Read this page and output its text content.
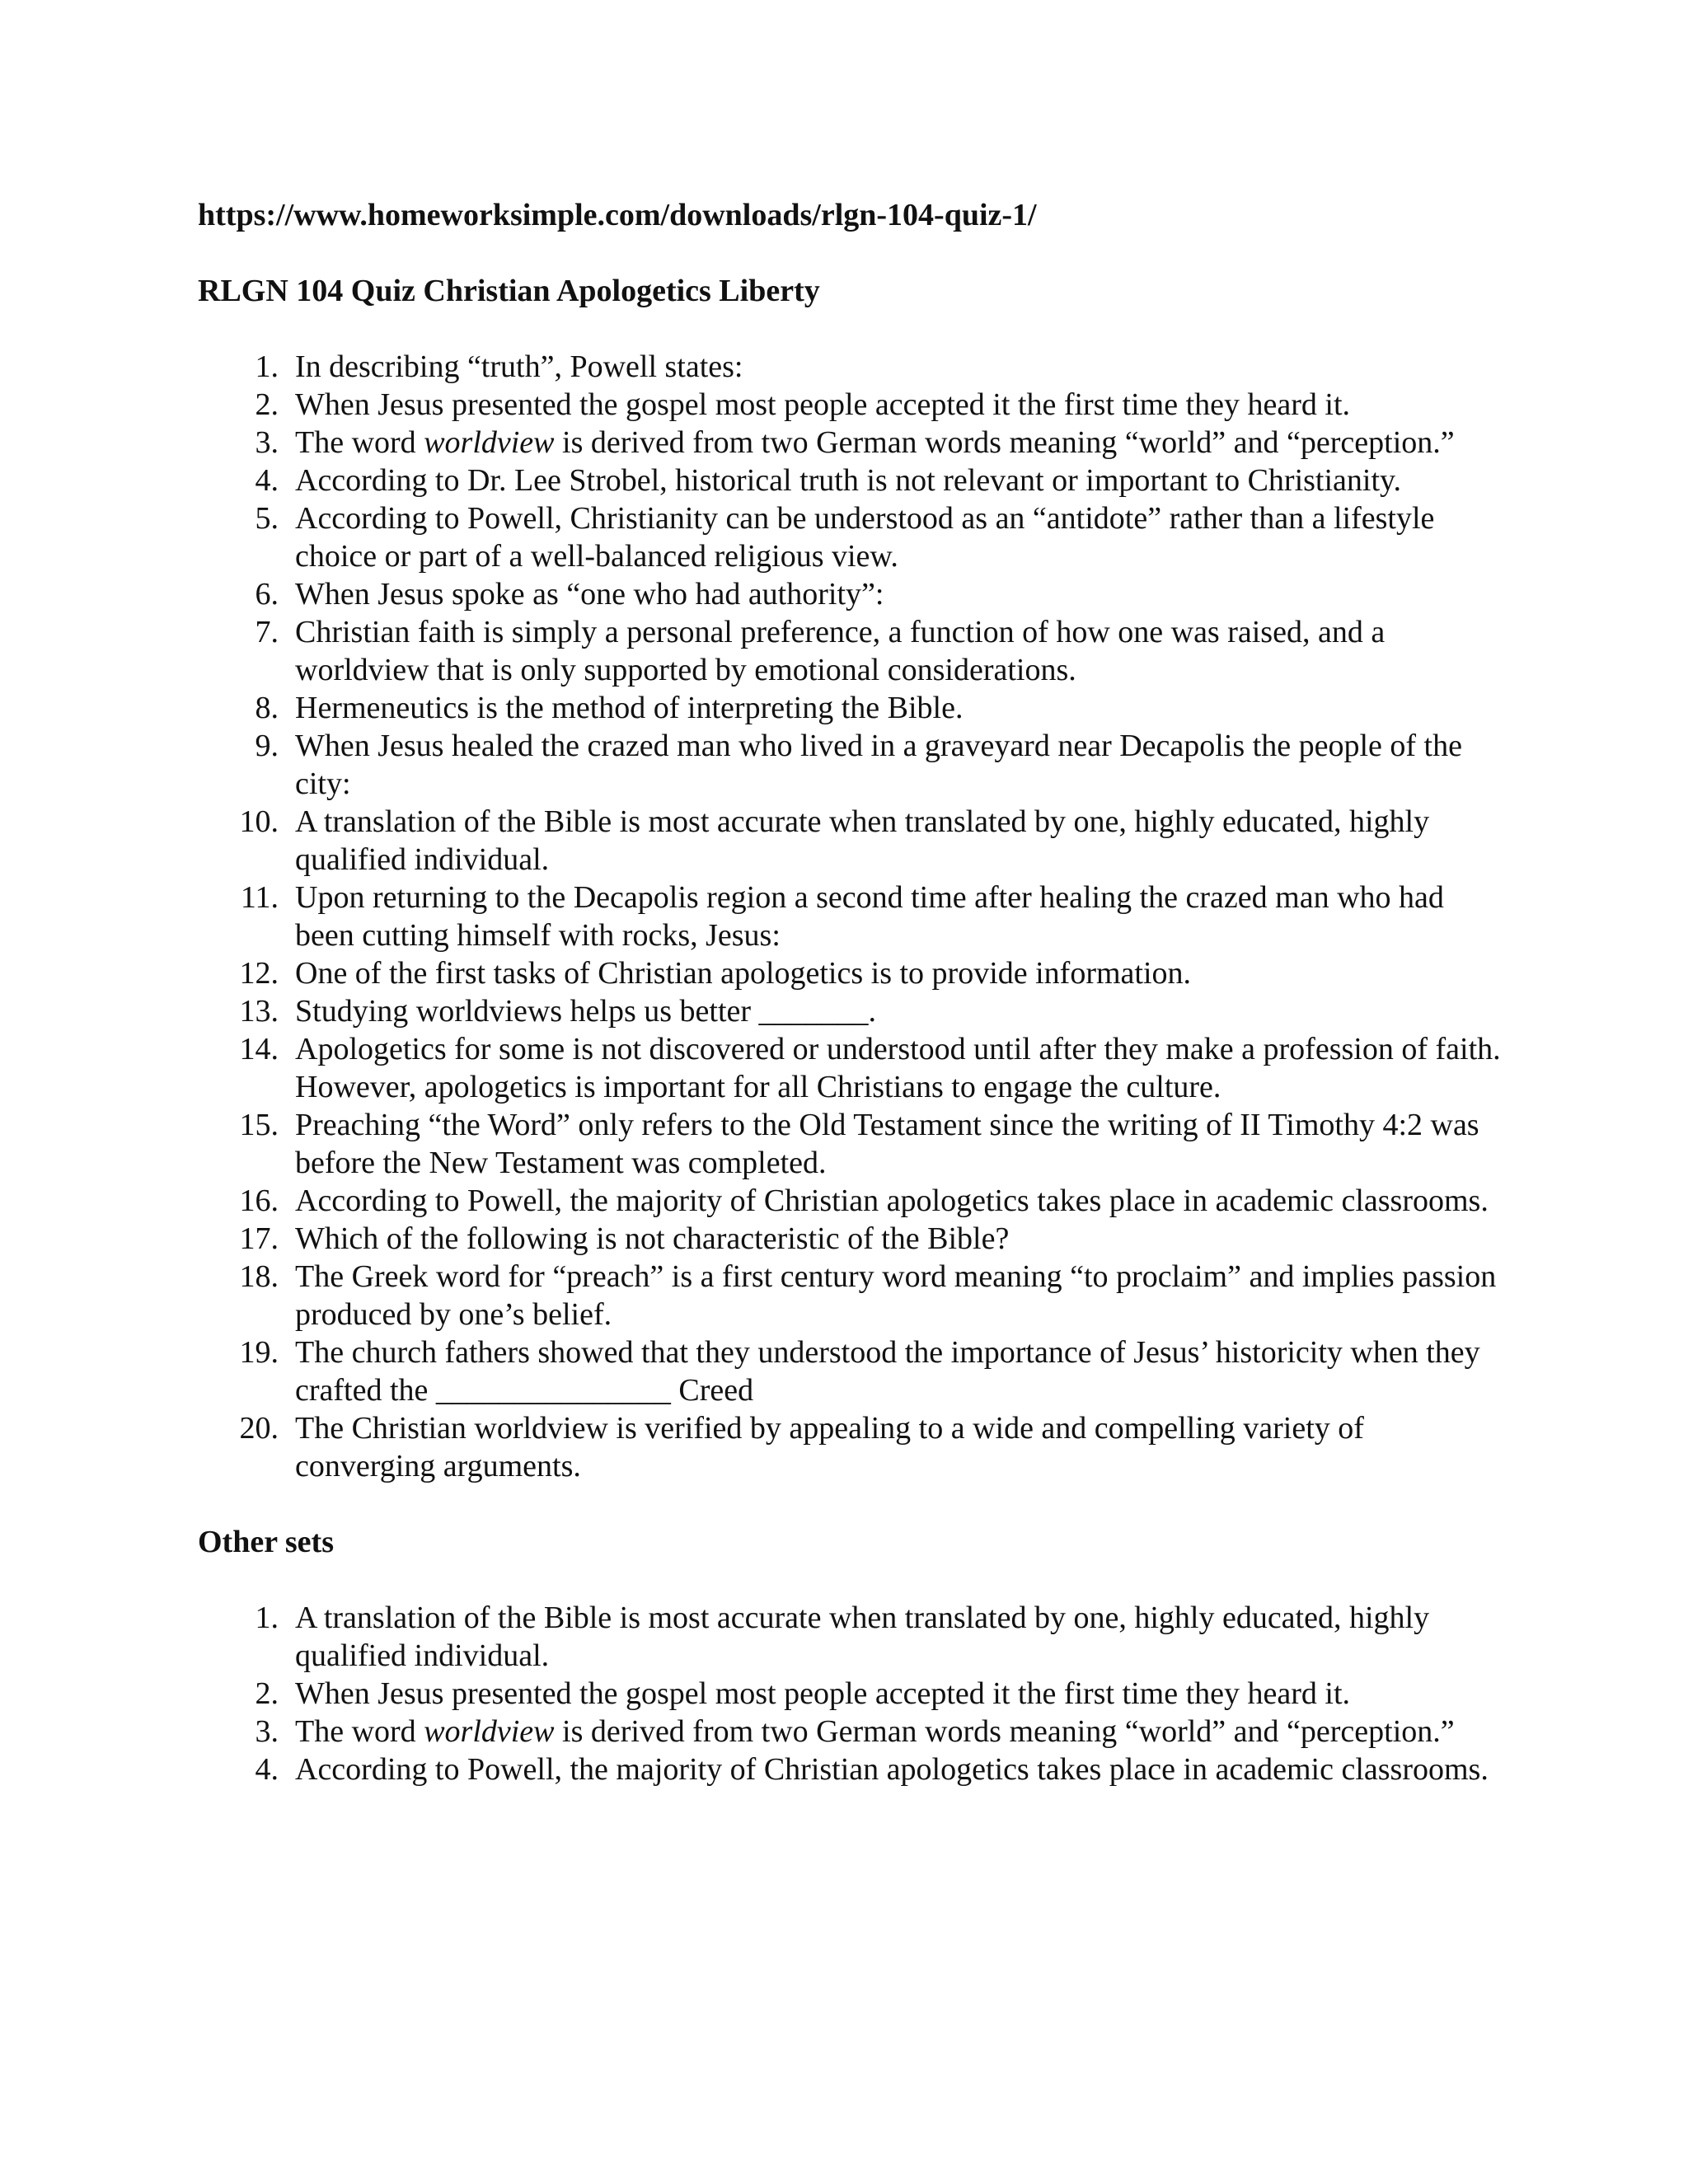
https://www.homeworksimple.com/downloads/rlgn-104-quiz-1/
RLGN 104 Quiz Christian Apologetics Liberty
1. In describing “truth”, Powell states:
2. When Jesus presented the gospel most people accepted it the first time they heard it.
3. The word worldview is derived from two German words meaning “world” and “perception.”
4. According to Dr. Lee Strobel, historical truth is not relevant or important to Christianity.
5. According to Powell, Christianity can be understood as an “antidote” rather than a lifestyle choice or part of a well-balanced religious view.
6. When Jesus spoke as “one who had authority”:
7. Christian faith is simply a personal preference, a function of how one was raised, and a worldview that is only supported by emotional considerations.
8. Hermeneutics is the method of interpreting the Bible.
9. When Jesus healed the crazed man who lived in a graveyard near Decapolis the people of the city:
10. A translation of the Bible is most accurate when translated by one, highly educated, highly qualified individual.
11. Upon returning to the Decapolis region a second time after healing the crazed man who had been cutting himself with rocks, Jesus:
12. One of the first tasks of Christian apologetics is to provide information.
13. Studying worldviews helps us better _______.
14. Apologetics for some is not discovered or understood until after they make a profession of faith. However, apologetics is important for all Christians to engage the culture.
15. Preaching “the Word” only refers to the Old Testament since the writing of II Timothy 4:2 was before the New Testament was completed.
16. According to Powell, the majority of Christian apologetics takes place in academic classrooms.
17. Which of the following is not characteristic of the Bible?
18. The Greek word for “preach” is a first century word meaning “to proclaim” and implies passion produced by one’s belief.
19. The church fathers showed that they understood the importance of Jesus’ historicity when they crafted the _______________ Creed
20. The Christian worldview is verified by appealing to a wide and compelling variety of converging arguments.
Other sets
1. A translation of the Bible is most accurate when translated by one, highly educated, highly qualified individual.
2. When Jesus presented the gospel most people accepted it the first time they heard it.
3. The word worldview is derived from two German words meaning “world” and “perception.”
4. According to Powell, the majority of Christian apologetics takes place in academic classrooms.
